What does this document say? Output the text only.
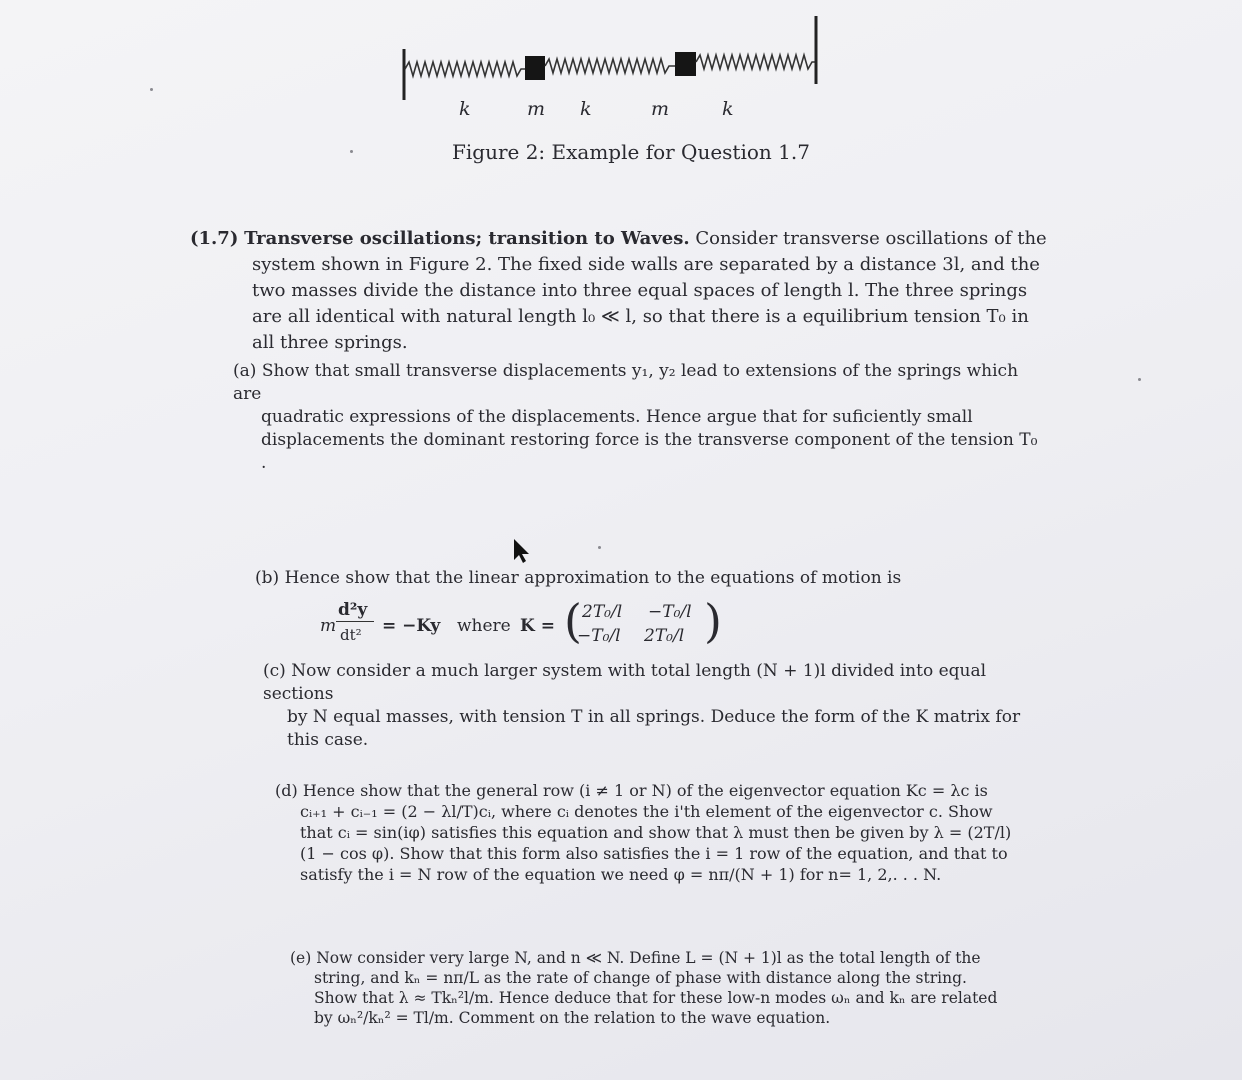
k	m k	m	k
Figure 2: Example for Question 1.7
(1.7) Transverse oscillations; transition to Waves. Consider transverse oscillations of the
system shown in Figure 2. The fixed side walls are separated by a distance 3l, and the two masses divide the distance into three equal spaces of length l. The three springs are all identical with natural length l₀ ≪ l, so that there is a equilibrium tension T₀ in all three springs.
(a) Show that small transverse displacements y₁, y₂ lead to extensions of the springs which are
quadratic expressions of the displacements. Hence argue that for suficiently small displacements the dominant restoring force is the transverse component of the tension T₀ .
(b) Hence show that the linear approximation to the equations of motion is
m
d²y
dt² = −Ky where K = ( 2T₀/l −T₀/l
−T₀/l 2T₀/l )
(c) Now consider a much larger system with total length (N + 1)l divided into equal sections
by N equal masses, with tension T in all springs. Deduce the form of the K matrix for this case.
(d) Hence show that the general row (i ≠ 1 or N) of the eigenvector equation Kc = λc is
cᵢ₊₁ + cᵢ₋₁ = (2 − λl/T)cᵢ, where cᵢ denotes the i'th element of the eigenvector c. Show that cᵢ = sin(iφ) satisfies this equation and show that λ must then be given by λ = (2T/l)(1 − cos φ). Show that this form also satisfies the i = 1 row of the equation, and that to satisfy the i = N row of the equation we need φ = nπ/(N + 1) for n= 1, 2,. . . N.
(e) Now consider very large N, and n ≪ N. Define L = (N + 1)l as the total length of the
string, and kₙ = nπ/L as the rate of change of phase with distance along the string. Show that λ ≈ Tkₙ²l/m. Hence deduce that for these low-n modes ωₙ and kₙ are related by ωₙ²/kₙ² = Tl/m. Comment on the relation to the wave equation.
